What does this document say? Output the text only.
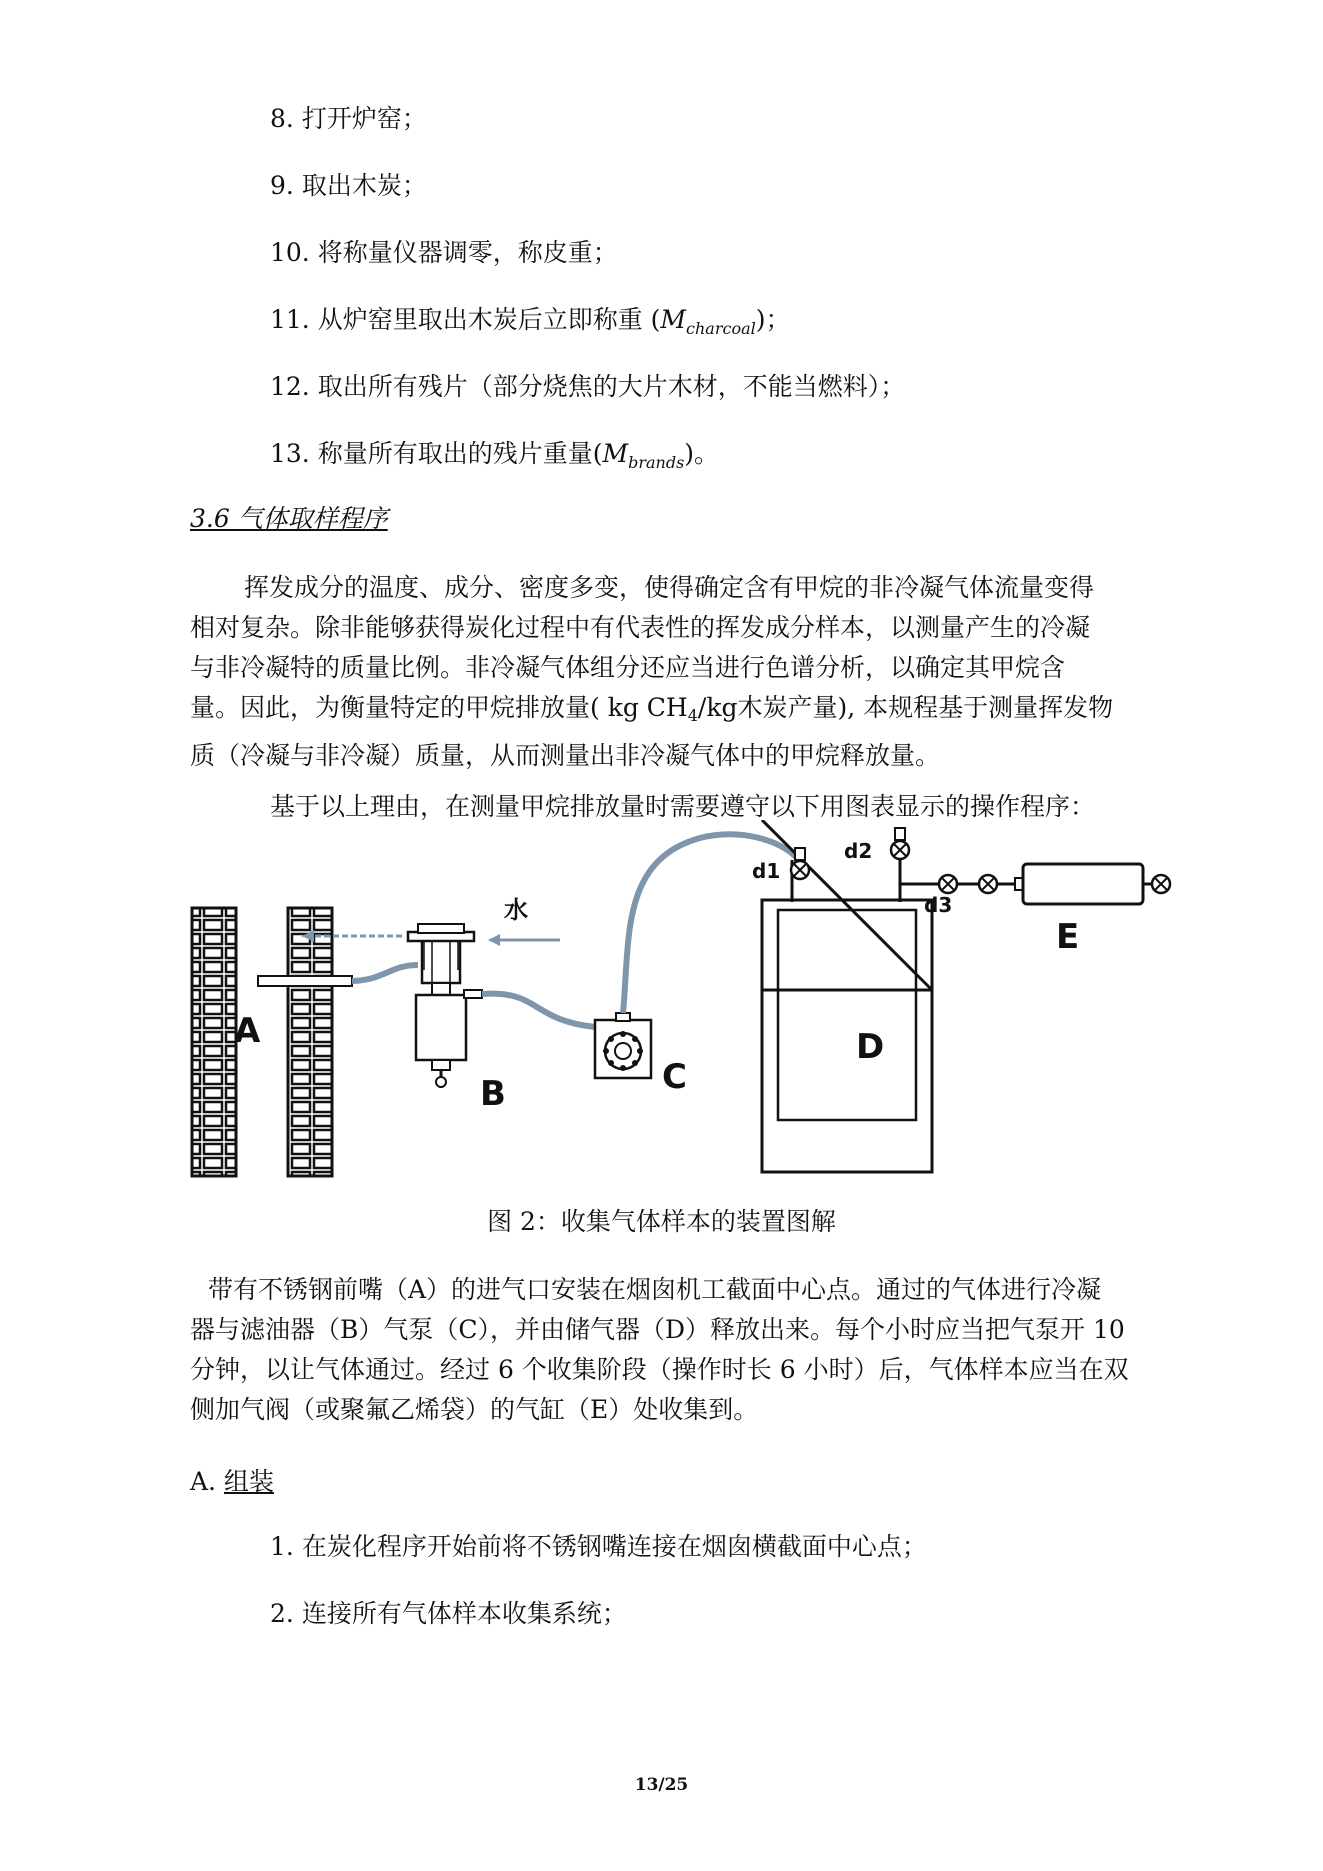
8. 打开炉窑；
9. 取出木炭；
10. 将称量仪器调零，称皮重；
11. 从炉窑里取出木炭后立即称重 $(M_{charcoal})$；
12. 取出所有残片（部分烧焦的大片木材，不能当燃料）；
13. 称量所有取出的残片重量$(M_{brands})$。
3.6 气体取样程序
挥发成分的温度、成分、密度多变，使得确定含有甲烷的非冷凝气体流量变得
相对复杂。除非能够获得炭化过程中有代表性的挥发成分样本，以测量产生的冷凝
与非冷凝特的质量比例。非冷凝气体组分还应当进行色谱分析，以确定其甲烷含
量。因此，为衡量特定的甲烷排放量( kg $CH_4/kg$木炭产量), 本规程基于测量挥发物
质（冷凝与非冷凝）质量，从而测量出非冷凝气体中的甲烷释放量。
基于以上理由，在测量甲烷排放量时需要遵守以下用图表显示的操作程序：
A
B
水
C
D
d1
d2
d3
E
图 2：收集气体样本的装置图解
带有不锈钢前嘴（A）的进气口安装在烟囱机工截面中心点。通过的气体进行冷凝
器与滤油器（B）气泵（C），并由储气器（D）释放出来。每个小时应当把气泵开 10
分钟，以让气体通过。经过 6 个收集阶段（操作时长 6 小时）后，气体样本应当在双
侧加气阀（或聚氟乙烯袋）的气缸（E）处收集到。
A. 组装
1. 在炭化程序开始前将不锈钢嘴连接在烟囱横截面中心点；
2. 连接所有气体样本收集系统；
13/25
